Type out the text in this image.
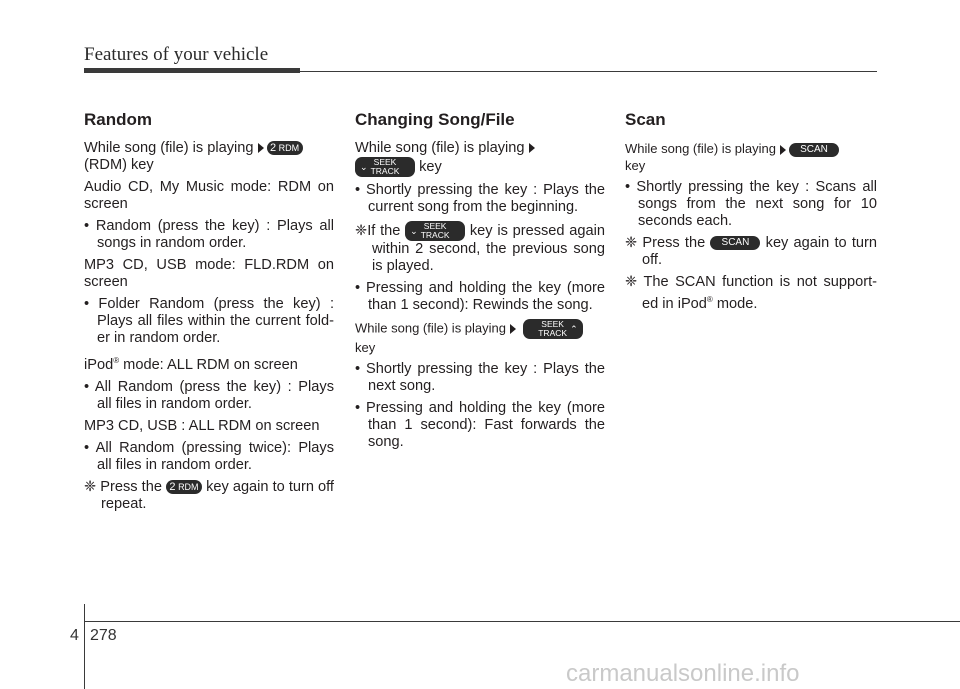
Features of your vehicle
Random

While song (file) is playing 2 RDM
(RDM) key

Audio CD, My Music mode: RDM on screen

• Random (press the key) : Plays all songs in random order.

MP3 CD, USB mode: FLD.RDM on screen

• Folder Random (press the key) : Plays all files within the current fold- er in random order.

iPod® mode: ALL RDM on screen

• All Random (press the key) : Plays all files in random order.

MP3 CD, USB : ALL RDM on screen

• All Random (pressing twice): Plays all files in random order.

❈ Press the 2 RDM key again to turn off repeat.

Changing Song/File

While song (file) is playing

⌄ SEEK
TRACK key

• Shortly pressing the key : Plays the current song from the beginning.

❈If the ⌄ SEEK
TRACK key is pressed again within 2 second, the previous song is played.

• Pressing and holding the key (more than 1 second): Rewinds the song.

While song (file) is playing	SEEK
TRACK ⌃

key

• Shortly pressing the key : Plays the next song.

• Pressing and holding the key (more than 1 second): Fast forwards the song.

Scan

While song (file) is playing SCAN
key

• Shortly pressing the key : Scans all songs from the next song for 10 seconds each.

❈ Press the SCAN key again to turn off.

❈ The SCAN function is not support- ed in iPod® mode.

4 278
carmanualsonline.info
